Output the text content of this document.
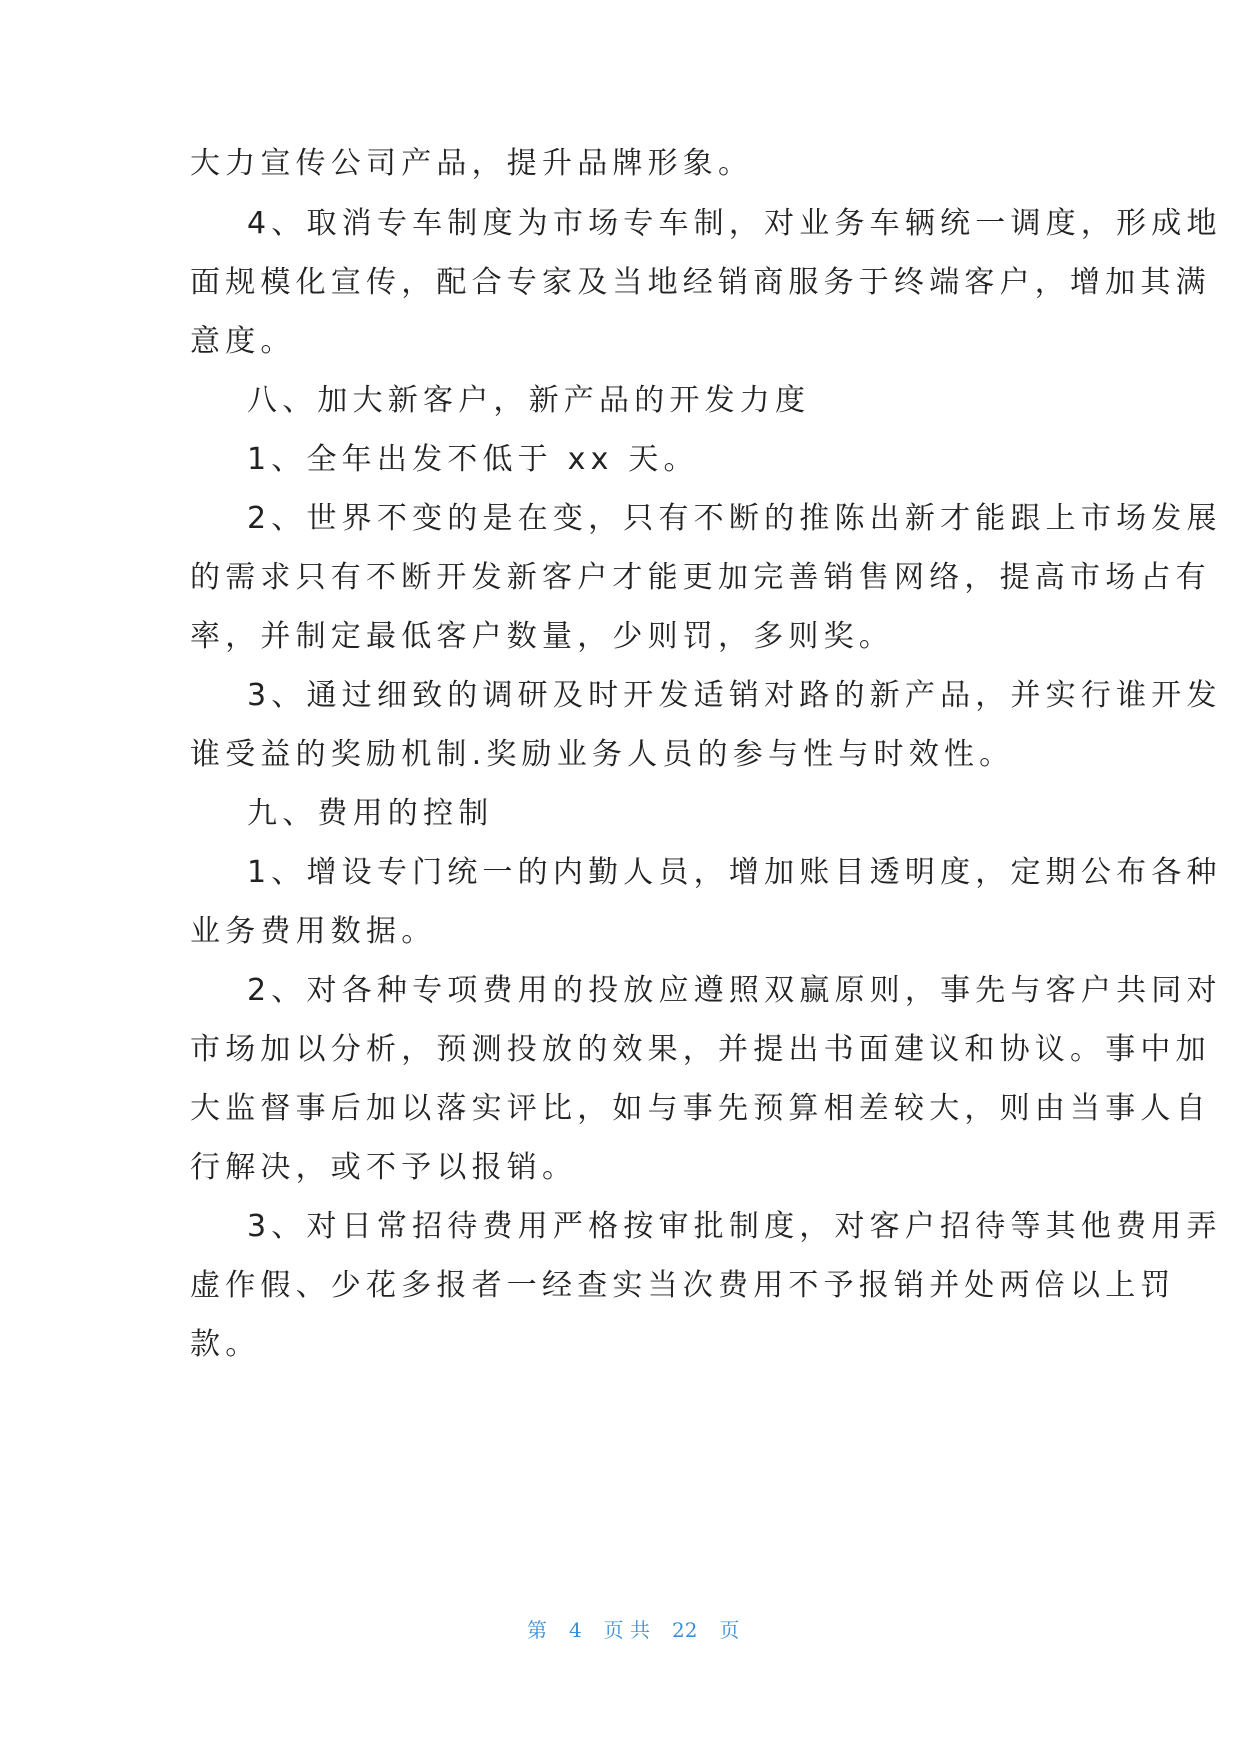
大力宣传公司产品，提升品牌形象。
4、取消专车制度为市场专车制，对业务车辆统一调度，形成地
面规模化宣传，配合专家及当地经销商服务于终端客户，增加其满
意度。
八、加大新客户，新产品的开发力度
1、全年出发不低于 xx 天。
2、世界不变的是在变，只有不断的推陈出新才能跟上市场发展
的需求只有不断开发新客户才能更加完善销售网络，提高市场占有
率，并制定最低客户数量，少则罚，多则奖。
3、通过细致的调研及时开发适销对路的新产品，并实行谁开发
谁受益的奖励机制.奖励业务人员的参与性与时效性。
九、费用的控制
1、增设专门统一的内勤人员，增加账目透明度，定期公布各种
业务费用数据。
2、对各种专项费用的投放应遵照双赢原则，事先与客户共同对
市场加以分析，预测投放的效果，并提出书面建议和协议。事中加
大监督事后加以落实评比，如与事先预算相差较大，则由当事人自
行解决，或不予以报销。
3、对日常招待费用严格按审批制度，对客户招待等其他费用弄
虚作假、少花多报者一经查实当次费用不予报销并处两倍以上罚
款。

第 4 页 共 22 页
